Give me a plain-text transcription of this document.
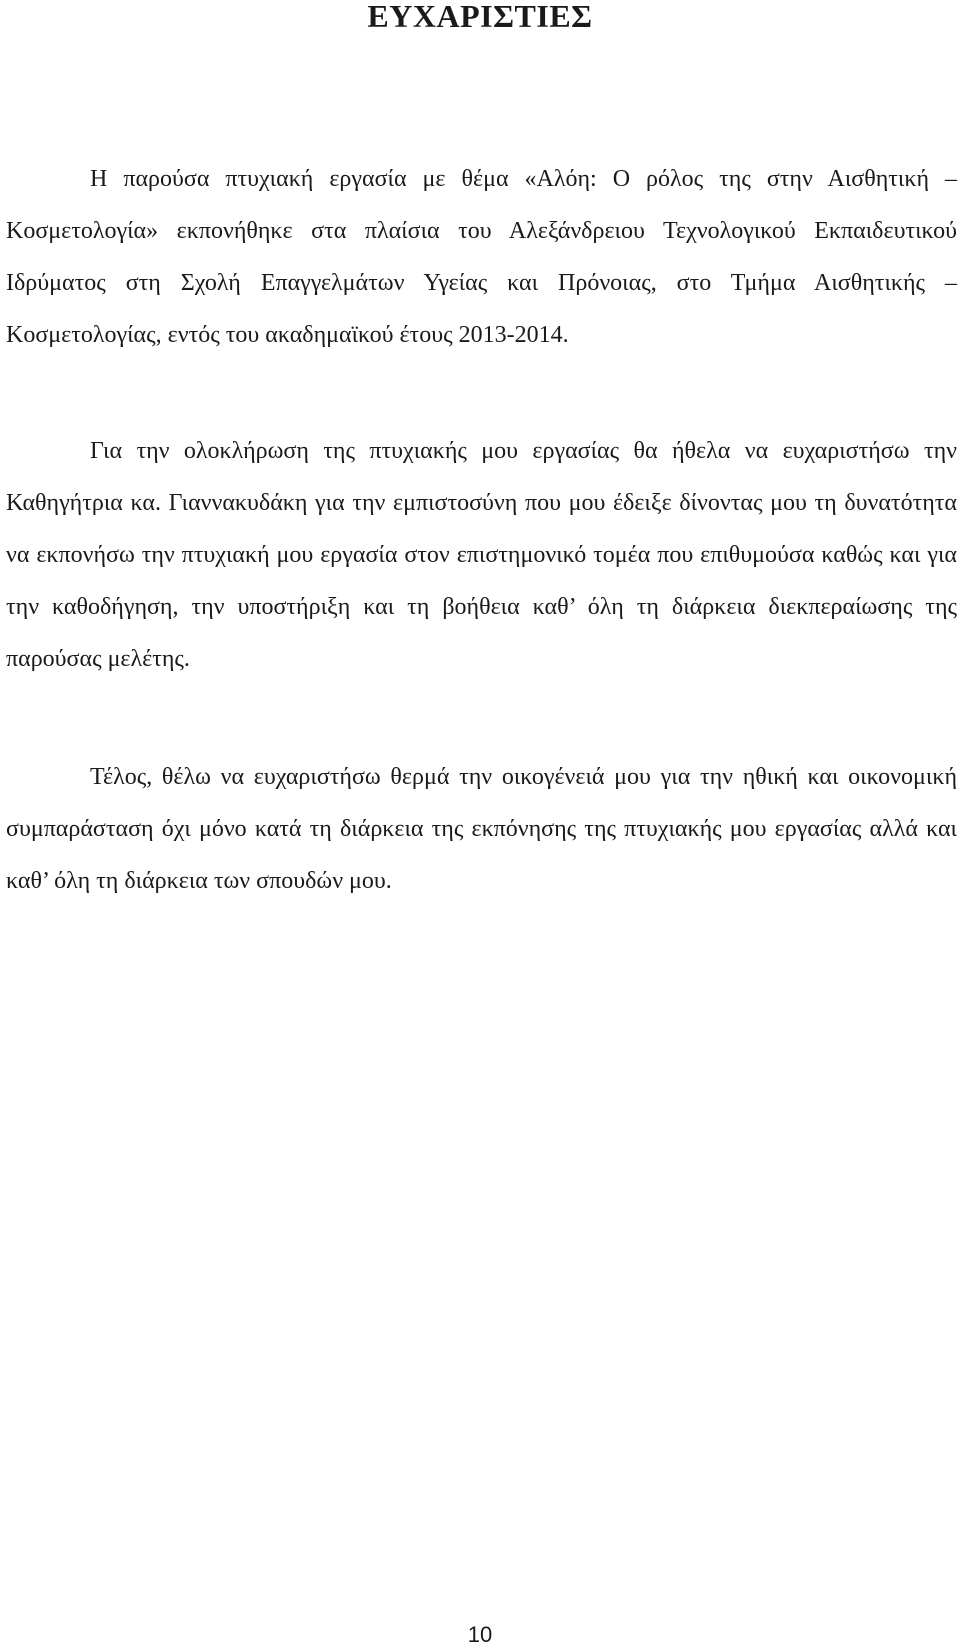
ΕΥΧΑΡΙΣΤΙΕΣ

Η παρούσα πτυχιακή εργασία με θέμα «Αλόη: Ο ρόλος της στην Αισθητική – Κοσμετολογία» εκπονήθηκε στα πλαίσια του Αλεξάνδρειου Τεχνολογικού Εκπαιδευτικού Ιδρύματος στη Σχολή Επαγγελμάτων Υγείας και Πρόνοιας, στο Τμήμα Αισθητικής – Κοσμετολογίας, εντός του ακαδημαϊκού έτους 2013-2014.

Για την ολοκλήρωση της πτυχιακής μου εργασίας θα ήθελα να ευχαριστήσω την Καθηγήτρια κα. Γιαννακυδάκη για την εμπιστοσύνη που μου έδειξε δίνοντας μου τη δυνατότητα να εκπονήσω την πτυχιακή μου εργασία στον επιστημονικό τομέα που επιθυμούσα καθώς και για την καθοδήγηση, την υποστήριξη και τη βοήθεια καθ’ όλη τη διάρκεια διεκπεραίωσης της παρούσας μελέτης.

Τέλος, θέλω να ευχαριστήσω θερμά την οικογένειά μου για την ηθική και οικονομική συμπαράσταση όχι μόνο κατά τη διάρκεια της εκπόνησης της πτυχιακής μου εργασίας αλλά και καθ’ όλη τη διάρκεια των σπουδών μου.

10
